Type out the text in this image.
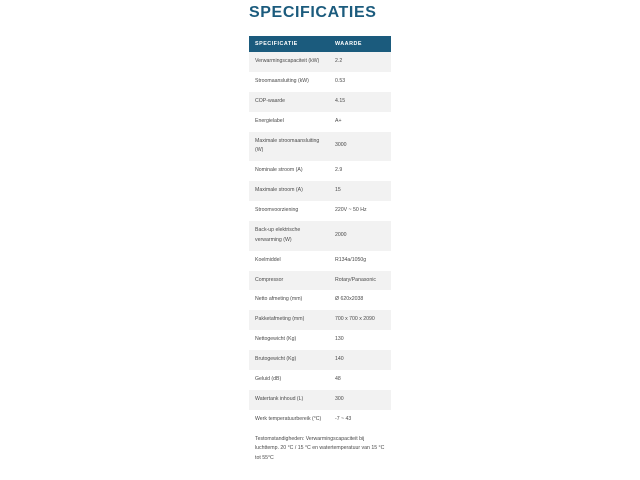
SPECIFICATIES
SPECIFICATIE	WAARDE
Verwarmingscapaciteit (kW)	2.2
Stroomaansluiting (kW)	0.53
COP-waarde	4.15
Energielabel	A+
Maximale stroomaansluiting (W)	3000
Nominale stroom (A)	2.9
Maximale stroom (A)	15
Stroomvoorziening	220V ~ 50 Hz
Back-up elektrische verwarming (W)	2000
Koelmiddel	R134a/1050g
Compressor	Rotary/Panasonic
Netto afmeting (mm)	Ø 620x2038
Pakketafmeting (mm)	700 x 700 x 2090
Nettogewicht (Kg)	130
Brutogewicht (Kg)	140
Geluid (dB)	48
Watertank inhoud (L)	300
Werk temperatuurbereik (°C)	-7 ~ 43
Testomstandigheden: Verwarmingscapaciteit bij luchttemp. 20 °C / 15 °C en watertemperatuur van 15 °C tot 55°C	
